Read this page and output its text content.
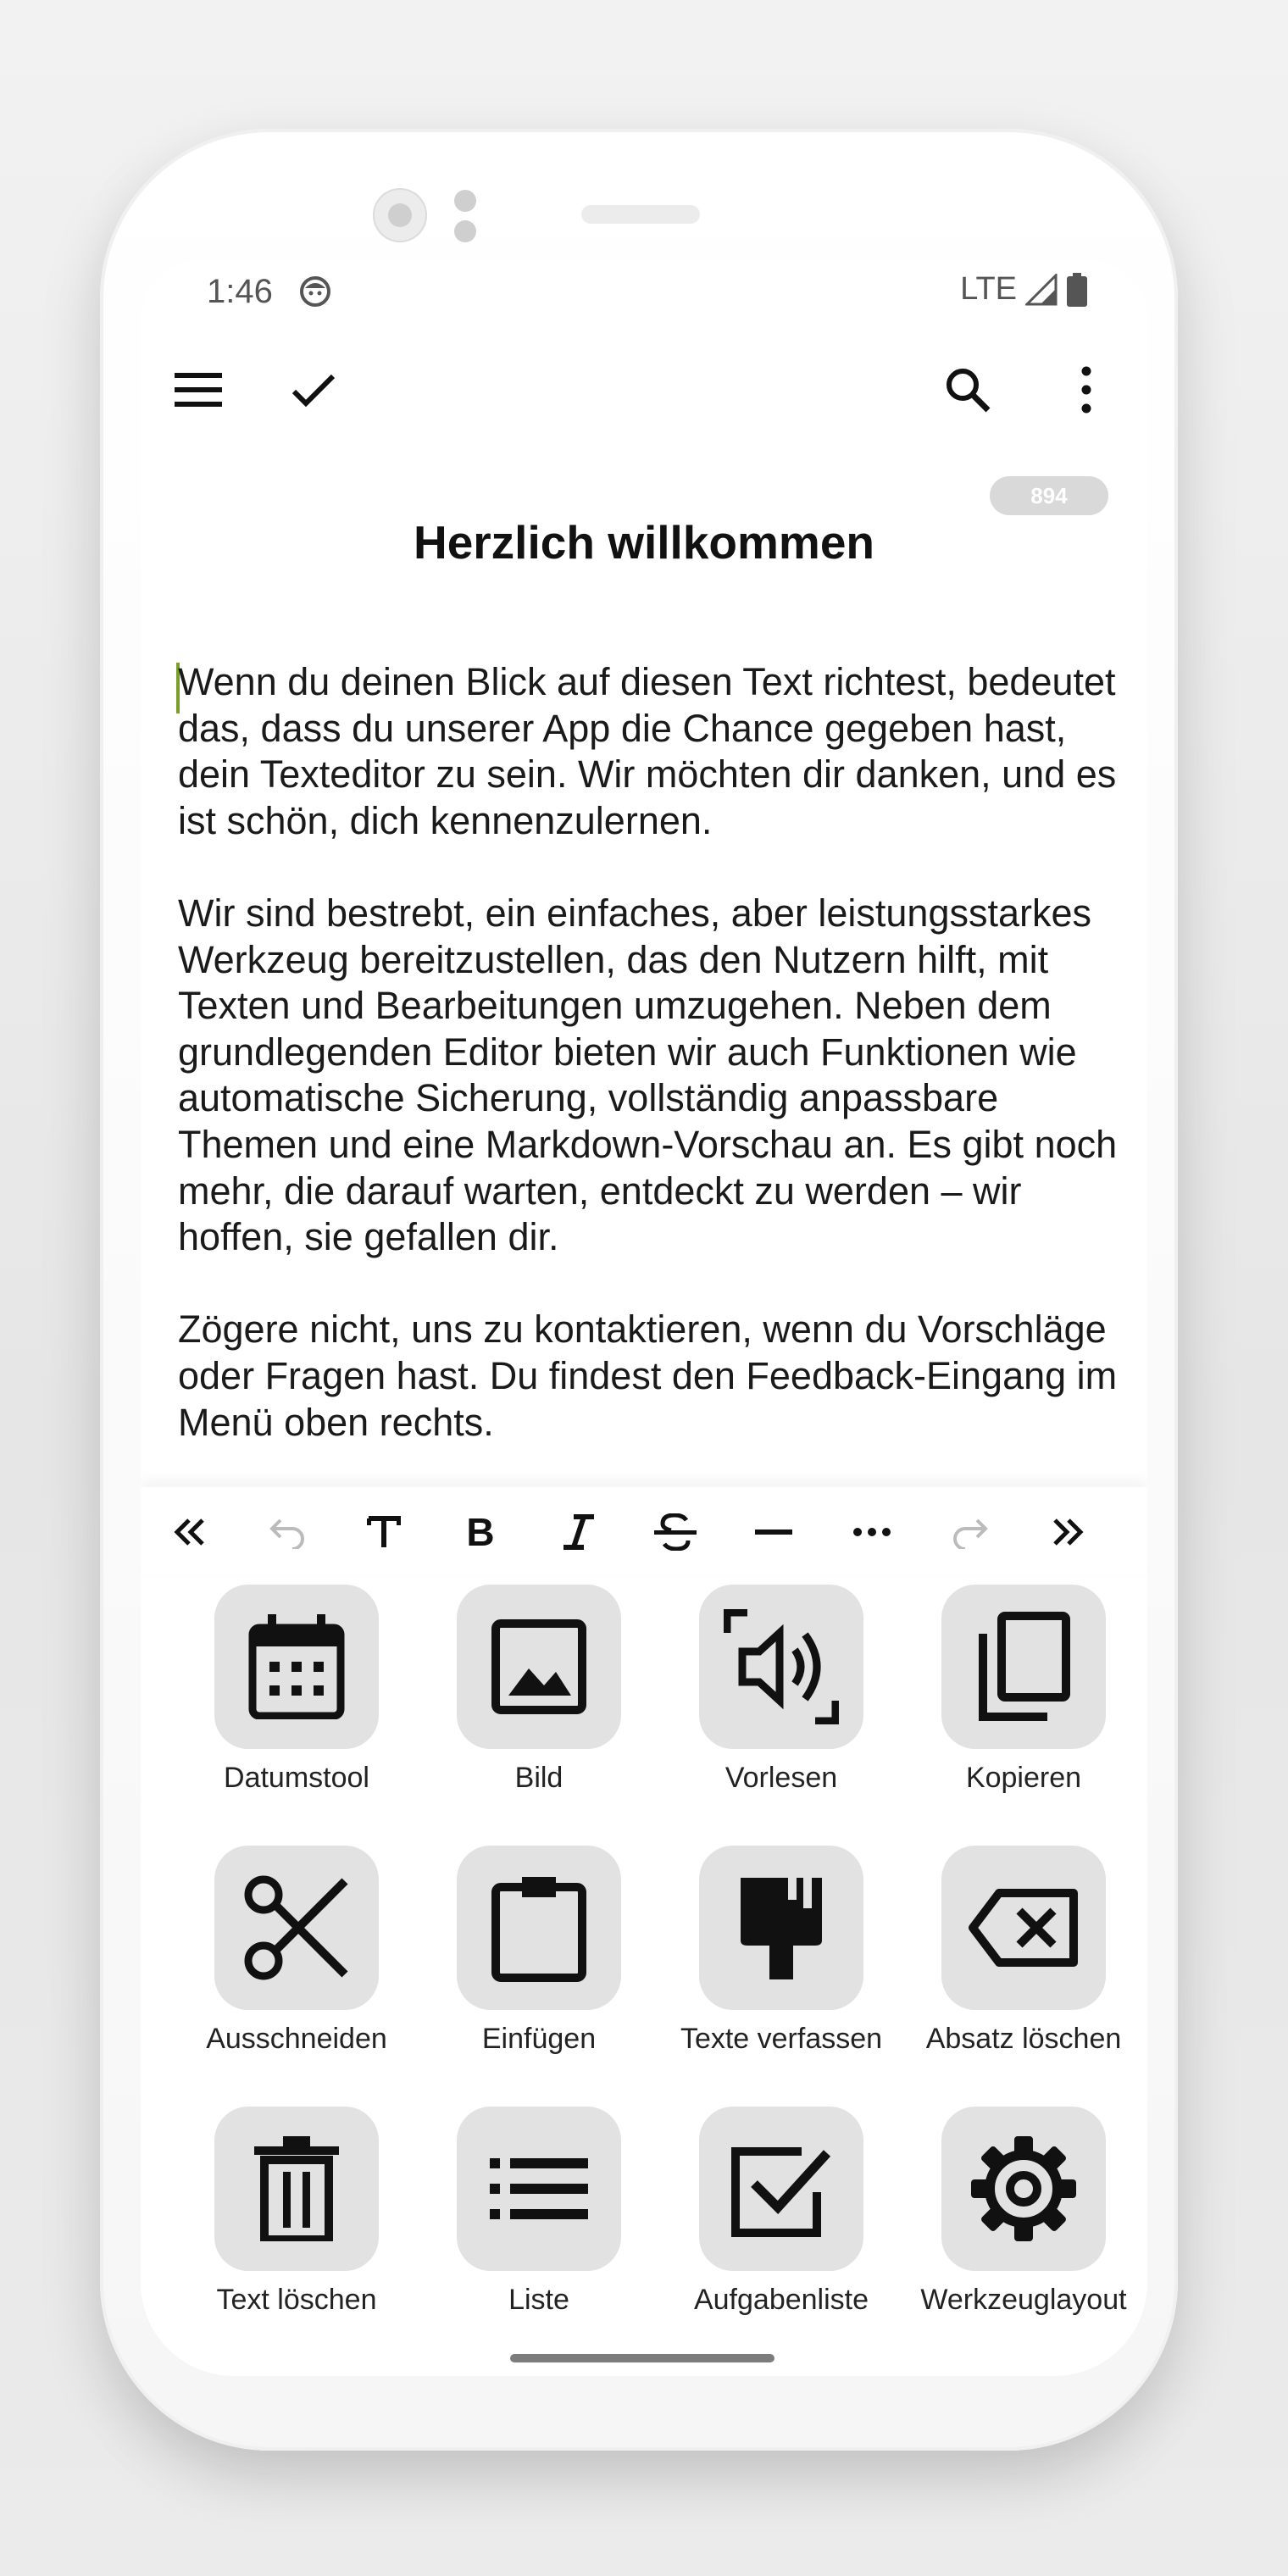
1:46	LTE
894
Herzlich willkommen

Wenn du deinen Blick auf diesen Text richtest, bedeutet das, dass du unserer App die Chance gegeben hast, dein Texteditor zu sein. Wir möchten dir danken, und es ist schön, dich kennenzulernen.

Wir sind bestrebt, ein einfaches, aber leistungsstarkes Werkzeug bereitzustellen, das den Nutzern hilft, mit Texten und Bearbeitungen umzugehen. Neben dem grundlegenden Editor bieten wir auch Funktionen wie automatische Sicherung, vollständig anpassbare Themen und eine Markdown-Vorschau an. Es gibt noch mehr, die darauf warten, entdeckt zu werden – wir hoffen, sie gefallen dir.

Zögere nicht, uns zu kontaktieren, wenn du Vorschläge oder Fragen hast. Du findest den Feedback-Eingang im Menü oben rechts.

B
Datumstool	Bild	Vorlesen	Kopieren
Ausschneiden	Einfügen	Texte verfassen	Absatz löschen
Text löschen	Liste	Aufgabenliste	Werkzeuglayout
